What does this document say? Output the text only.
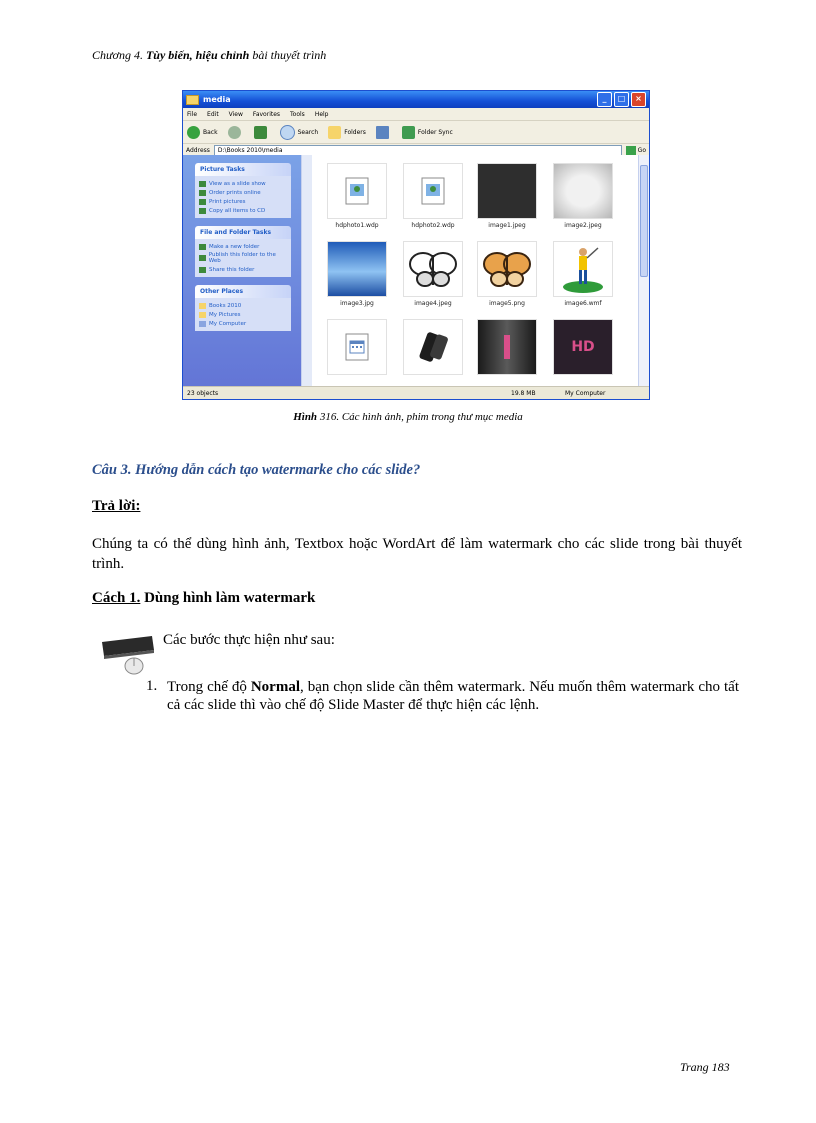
Chương 4. Tùy biến, hiệu chỉnh bài thuyết trình
media	_	□	×
File Edit View Favorites Tools Help
Back	Search	Folders	Folder Sync
Address	D:\Books 2010\media	Go
Picture Tasks
View as a slide show
Order prints online
Print pictures
Copy all items to CD
File and Folder Tasks
Make a new folder
Publish this folder to the Web
Share this folder
Other Places
Books 2010
My Pictures
My Computer
hdphoto1.wdp	hdphoto2.wdp	image1.jpeg	image2.jpeg
image3.jpg	image4.jpeg	image5.png	image6.wmf
HD
23 objects	19.8 MB	My Computer
Hình 316. Các hình ảnh, phim trong thư mục media
Câu 3. Hướng dẫn cách tạo watermarke cho các slide?
Trả lời:
Chúng ta có thể dùng hình ảnh, Textbox hoặc WordArt để làm watermark cho các slide trong bài thuyết trình.
Cách 1. Dùng hình làm watermark
Các bước thực hiện như sau:
1. Trong chế độ Normal, bạn chọn slide cần thêm watermark. Nếu muốn thêm watermark cho tất cả các slide thì vào chế độ Slide Master để thực hiện các lệnh.
Trang 183
